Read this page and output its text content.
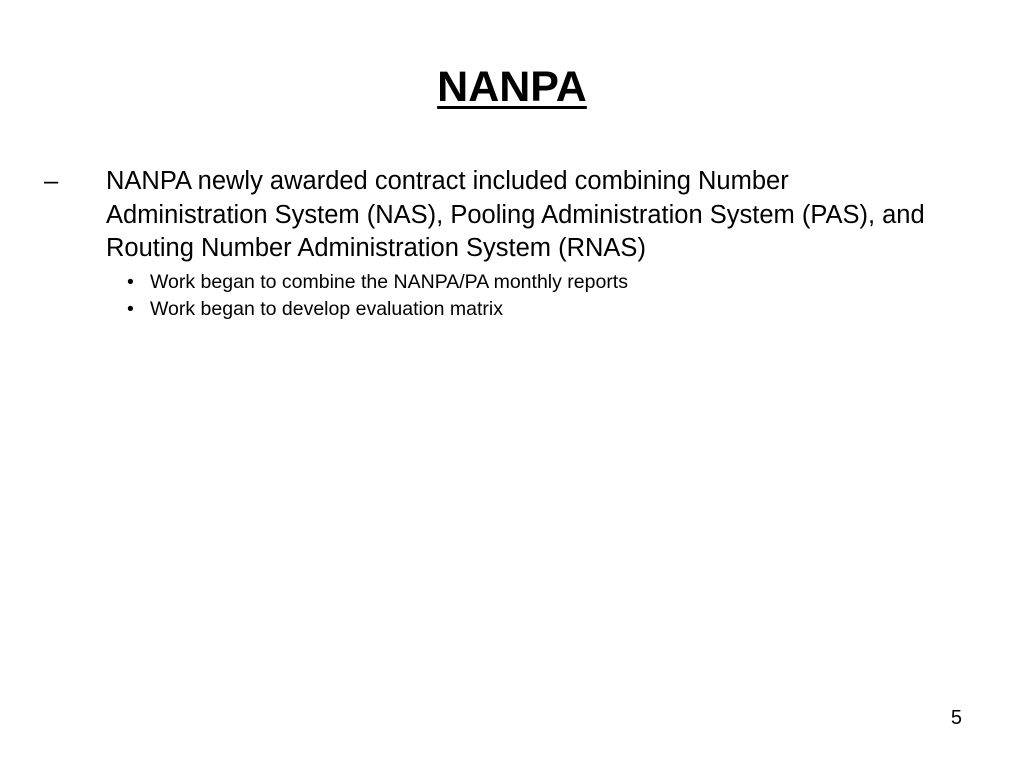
NANPA

– NANPA newly awarded contract included combining Number Administration System (NAS), Pooling Administration System (PAS), and Routing Number Administration System (RNAS)

• Work began to combine the NANPA/PA monthly reports
• Work began to develop evaluation matrix
5
